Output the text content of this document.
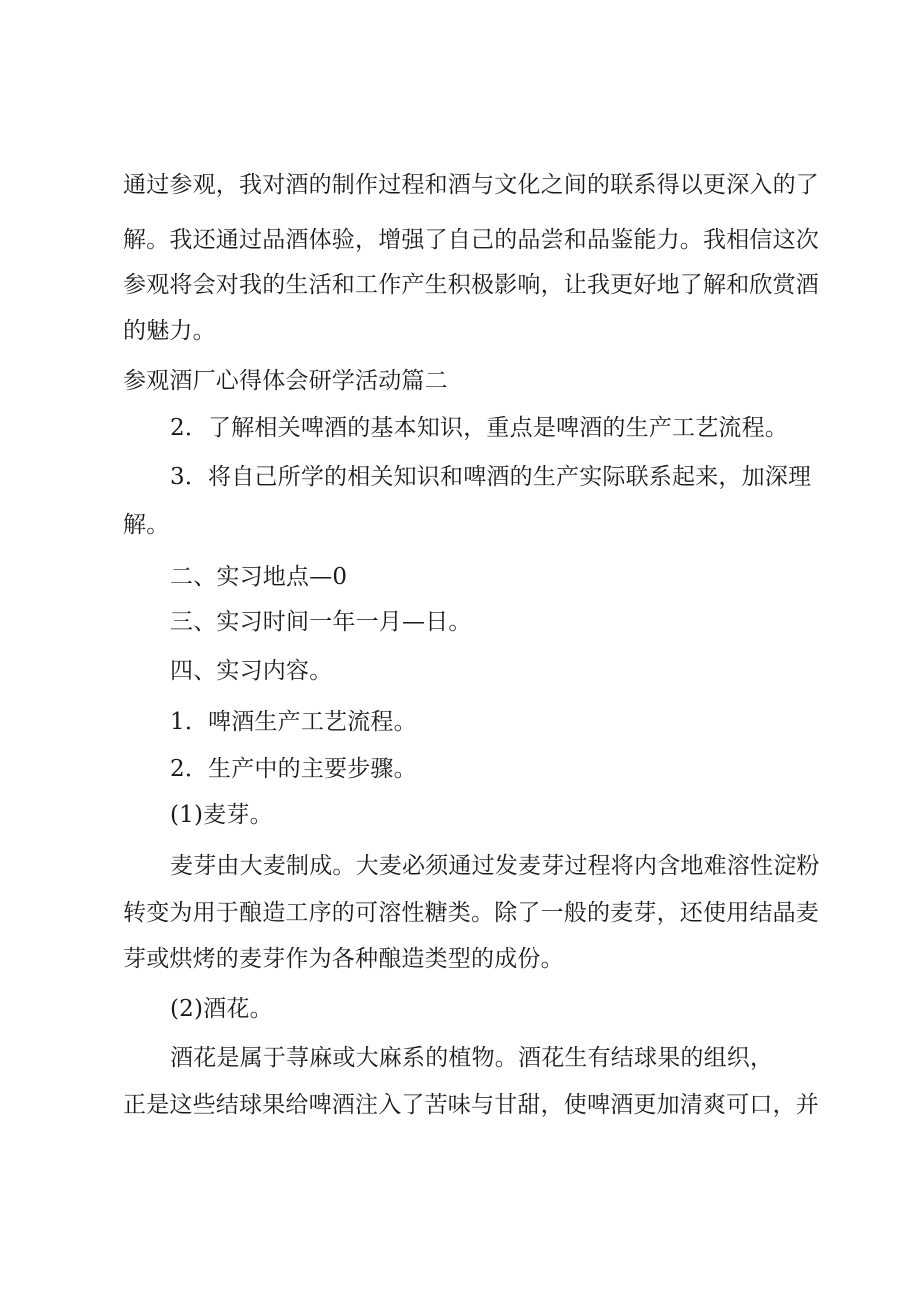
通过参观，我对酒的制作过程和酒与文化之间的联系得以更深入的了
解。我还通过品酒体验，增强了自己的品尝和品鉴能力。我相信这次
参观将会对我的生活和工作产生积极影响，让我更好地了解和欣赏酒
的魅力。
参观酒厂心得体会研学活动篇二
2．了解相关啤酒的基本知识，重点是啤酒的生产工艺流程。
3．将自己所学的相关知识和啤酒的生产实际联系起来，加深理
解。
二、实习地点—0
三、实习时间一年一月—日。
四、实习内容。
1．啤酒生产工艺流程。
2．生产中的主要步骤。
(1)麦芽。
麦芽由大麦制成。大麦必须通过发麦芽过程将内含地难溶性淀粉
转变为用于酿造工序的可溶性糖类。除了一般的麦芽，还使用结晶麦
芽或烘烤的麦芽作为各种酿造类型的成份。
(2)酒花。
酒花是属于荨麻或大麻系的植物。酒花生有结球果的组织，
正是这些结球果给啤酒注入了苦味与甘甜，使啤酒更加清爽可口，并
